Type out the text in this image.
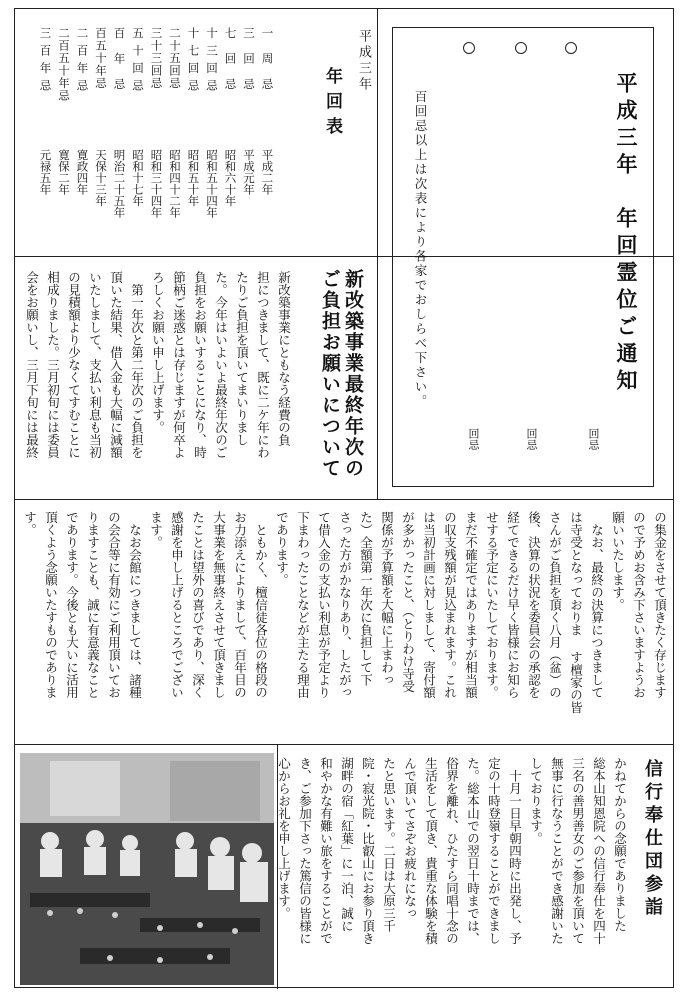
平成三年　年回霊位ご通知
百回忌以上は次表により各家でおしらべ下さい。
回忌
回忌
回忌
平成三年
年回表
一周忌
平成二年
三回忌
平成元年
七回忌
昭和六十年
十三回忌
昭和五十四年
十七回忌
昭和五十年
二十五回忌
昭和四十二年
三十三回忌
昭和三十四年
五十回忌
昭和十七年
百年忌
明治二十五年
百五十年忌
天保十三年
二百年忌
寛政四年
二百五十年忌
寛保二年
三百年忌
元禄五年
新改築事業最終年次の
ご負担お願いについて
新改築事業にともなう経費の負
担につきまして、既に二ケ年にわ
たりご負担を頂いてまいりまし
た。今年はいよいよ最終年次のご
負担をお願いすることになり、時
節柄ご迷惑とは存じますが何卒よ
ろしくお願い申し上げます。
　第一年次と第二年次のご負担を
頂いた結果、借入金も大幅に減額
いたしまして、支払い利息も当初
の見積額より少なくてすむことに
相成りました。三月初旬には委員
会をお願いし、三月下旬には最終
の集金をさせて頂きたく存じます
ので予めお含み下さいますようお
願いいたします。
　なお、最終の決算につきまして
は寺受となっておりま す檀家の皆
さんがご負担を頂く八月（盆）の
後、決算の状況を委員会の承認を
経てできるだけ早く皆様にお知ら
せする予定にいたしております。
まだ不確定ではありますが相当額
の収支残額が見込まれます。これ
は当初計画に対しまして、寄付額
が多かったこと、（とりわけ寺受
関係が予算額を大幅に上まわっ
た）全額第一年次に負担して下
さった方がかなりあり、したがっ
て借入金の支払い利息が予定より
下まわったことなどが主たる理由
であります。
　ともかく、檀信徒各位の格段の
お力添えによりまして、百年目の
大事業を無事終えさせて頂きまし
たことは望外の喜びであり、深く
感謝を申し上げるところでござい
ます。
　なお会館につきましては、諸種
の会合等に有効にご利用頂いてお
りますことも、誠に有意義なこと
であります。今後とも大いに活用
頂くよう念願いたすものでありま
す。
信行奉仕団参詣
かねてからの念願でありました
総本山知恩院への信行奉仕を四十
三名の善男善女のご参加を頂いて
無事に行なうことができ感謝いた
しております。
　十月一日早朝四時に出発し、予
定の十時登嶺することができまし
た。総本山での翌日十時までは、
俗界を離れ、ひたすら同唱十念の
生活をして頂き、貴重な体験を積
んで頂いてさぞお疲れになっ
たと思います。二日は大原三千
院・寂光院・比叡山にお参り頂き
湖畔の宿「紅葉」に一泊、誠に
和やかな有難い旅をすることがで
き、ご参加下さった篤信の皆様に
心からお礼を申し上げます。
